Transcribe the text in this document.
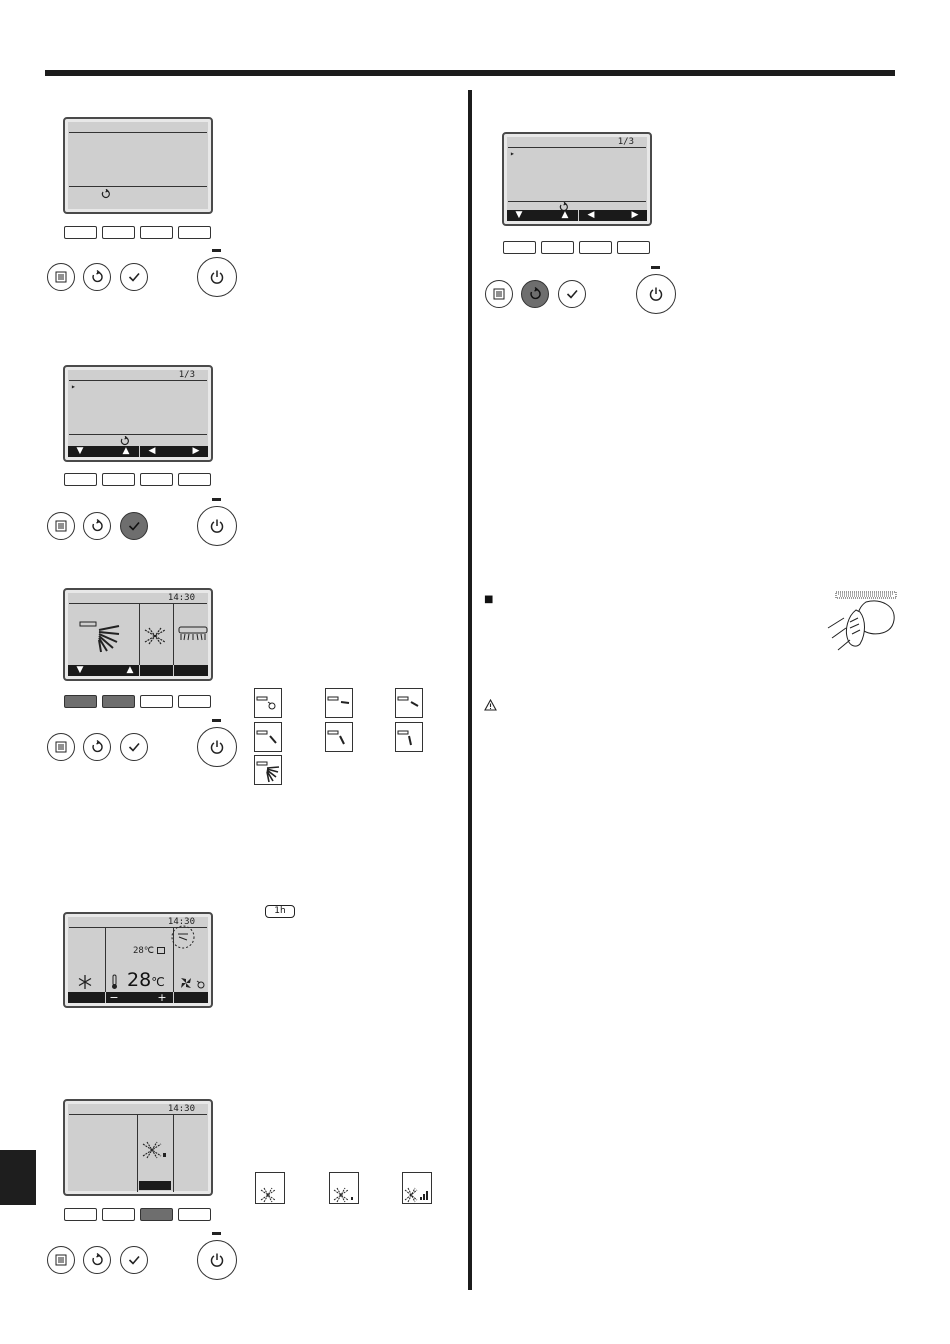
1/3
▸
▼	▲	◀	▶
14:30
▼	▲
14:30
28℃
28℃
−	+
1h
14:30
1/3
▸
▼	▲	◀	▶
■
